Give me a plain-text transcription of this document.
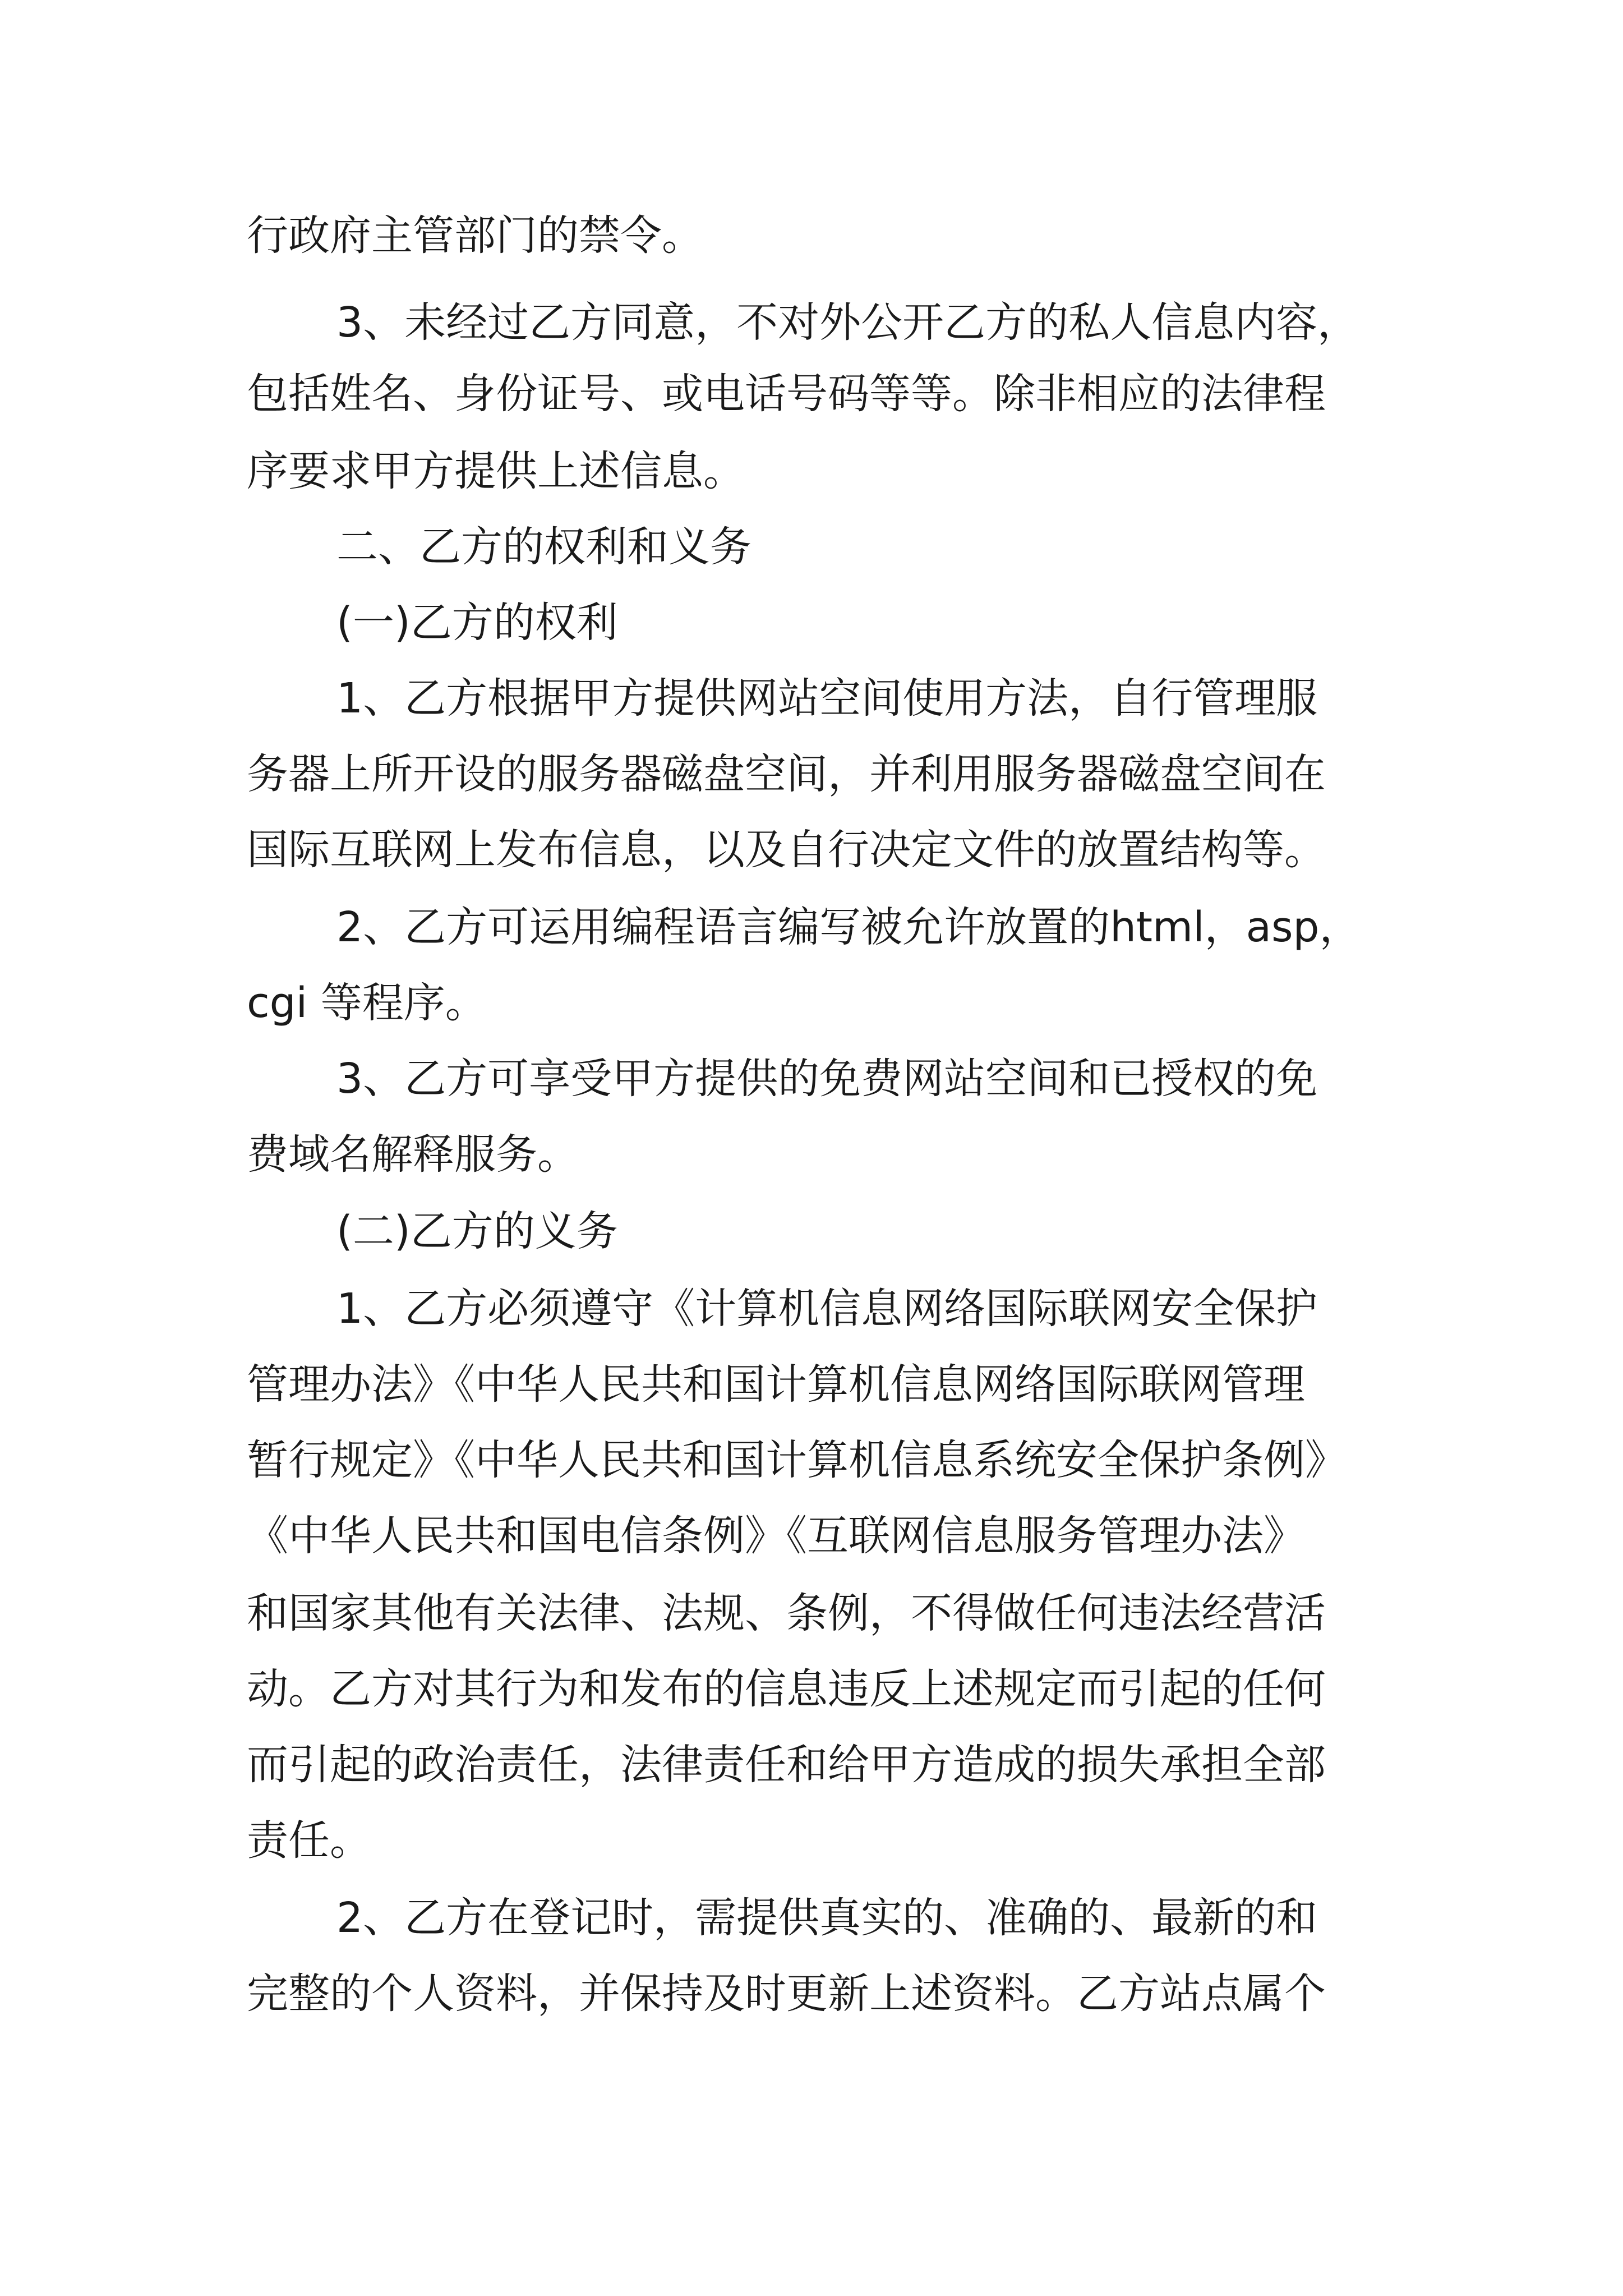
行政府主管部门的禁令。
3、未经过乙方同意，不对外公开乙方的私人信息内容，
包括姓名、身份证号、或电话号码等等。除非相应的法律程
序要求甲方提供上述信息。
二、乙方的权利和义务
(一)乙方的权利
1、乙方根据甲方提供网站空间使用方法，自行管理服
务器上所开设的服务器磁盘空间，并利用服务器磁盘空间在
国际互联网上发布信息，以及自行决定文件的放置结构等。
2、乙方可运用编程语言编写被允许放置的html，asp，
cgi 等程序。
3、乙方可享受甲方提供的免费网站空间和已授权的免
费域名解释服务。
(二)乙方的义务
1、乙方必须遵守《计算机信息网络国际联网安全保护
管理办法》《中华人民共和国计算机信息网络国际联网管理
暂行规定》《中华人民共和国计算机信息系统安全保护条例》
《中华人民共和国电信条例》《互联网信息服务管理办法》
和国家其他有关法律、法规、条例，不得做任何违法经营活
动。乙方对其行为和发布的信息违反上述规定而引起的任何
而引起的政治责任，法律责任和给甲方造成的损失承担全部
责任。
2、乙方在登记时，需提供真实的、准确的、最新的和
完整的个人资料，并保持及时更新上述资料。乙方站点属个
